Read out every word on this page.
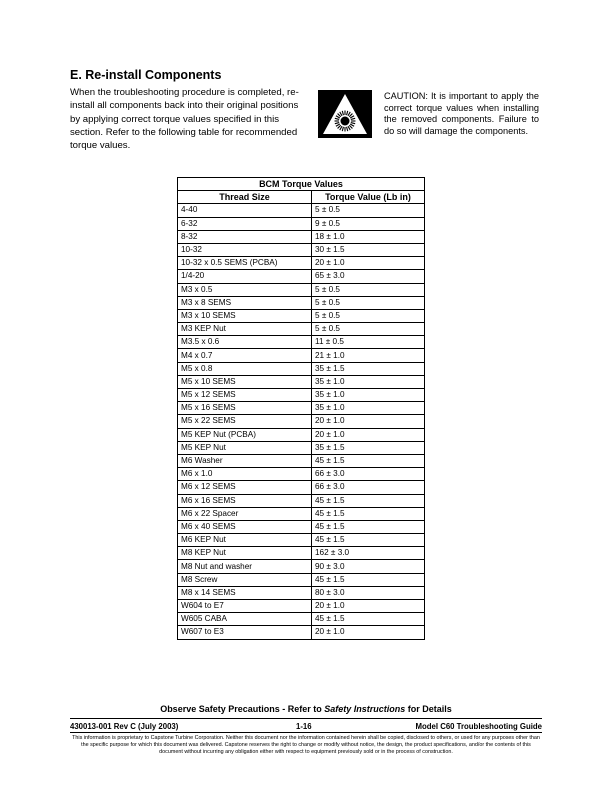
E. Re-install Components
When the troubleshooting procedure is completed, re-install all components back into their original positions by applying correct torque values specified in this section. Refer to the following table for recommended torque values.
CAUTION: It is important to apply the correct torque values when installing the removed components. Failure to do so will damage the components.
BCM Torque Values	
Thread Size	Torque Value (Lb in)
4-40	5 ± 0.5
6-32	9 ± 0.5
8-32	18 ± 1.0
10-32	30 ± 1.5
10-32 x 0.5 SEMS (PCBA)	20 ± 1.0
1/4-20	65 ± 3.0
M3 x 0.5	5 ± 0.5
M3 x 8 SEMS	5 ± 0.5
M3 x 10 SEMS	5 ± 0.5
M3 KEP Nut	5 ± 0.5
M3.5 x 0.6	11 ± 0.5
M4 x 0.7	21 ± 1.0
M5 x 0.8	35 ± 1.5
M5 x 10 SEMS	35 ± 1.0
M5 x 12 SEMS	35 ± 1.0
M5 x 16 SEMS	35 ± 1.0
M5 x 22 SEMS	20 ± 1.0
M5 KEP Nut (PCBA)	20 ± 1.0
M5 KEP Nut	35 ± 1.5
M6 Washer	45 ± 1.5
M6 x 1.0	66 ± 3.0
M6 x 12 SEMS	66 ± 3.0
M6 x 16 SEMS	45 ± 1.5
M6 x 22 Spacer	45 ± 1.5
M6 x 40 SEMS	45 ± 1.5
M6 KEP Nut	45 ± 1.5
M8 KEP Nut	162 ± 3.0
M8 Nut and washer	90 ± 3.0
M8 Screw	45 ± 1.5
M8 x 14 SEMS	80 ± 3.0
W604 to E7	20 ± 1.0
W605 CABA	45 ± 1.5
W607 to E3	20 ± 1.0
Observe Safety Precautions - Refer to Safety Instructions for Details
430013-001 Rev C (July 2003)	1-16	Model C60 Troubleshooting Guide
This information is proprietary to Capstone Turbine Corporation. Neither this document nor the information contained herein shall be copied, disclosed to others, or used for any purposes other than the specific purpose for which this document was delivered. Capstone reserves the right to change or modify without notice, the design, the product specifications, and/or the contents of this document without incurring any obligation either with respect to equipment previously sold or in the process of construction.
